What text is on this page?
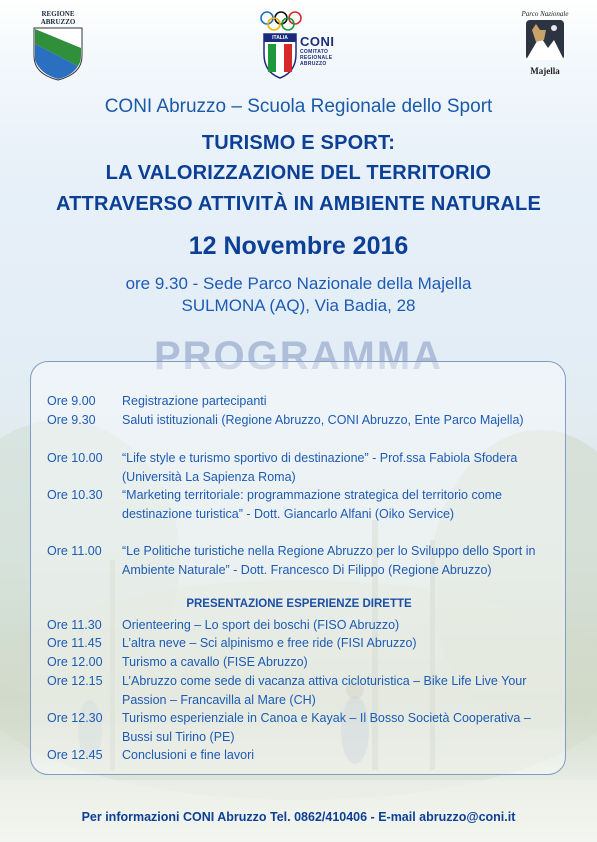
REGIONE
ABRUZZO
ITALIA CONI
COMITATO
REGIONALE
ABRUZZO
Parco Nazionale
Majella
CONI Abruzzo – Scuola Regionale dello Sport
TURISMO E SPORT:
LA VALORIZZAZIONE DEL TERRITORIO
ATTRAVERSO ATTIVITÀ IN AMBIENTE NATURALE
12 Novembre 2016
ore 9.30 - Sede Parco Nazionale della Majella
SULMONA (AQ), Via Badia, 28
PROGRAMMA
Ore 9.00	Registrazione partecipanti
Ore 9.30	Saluti istituzionali (Regione Abruzzo, CONI Abruzzo, Ente Parco Majella)
Ore 10.00	“Life style e turismo sportivo di destinazione” - Prof.ssa Fabiola Sfodera (Università La Sapienza Roma)
Ore 10.30	“Marketing territoriale: programmazione strategica del territorio come destinazione turistica” - Dott. Giancarlo Alfani (Oiko Service)
Ore 11.00	“Le Politiche turistiche nella Regione Abruzzo per lo Sviluppo dello Sport in Ambiente Naturale” - Dott. Francesco Di Filippo (Regione Abruzzo)
PRESENTAZIONE ESPERIENZE DIRETTE
Ore 11.30	Orienteering – Lo sport dei boschi (FISO Abruzzo)
Ore 11.45	L’altra neve – Sci alpinismo e free ride (FISI Abruzzo)
Ore 12.00	Turismo a cavallo (FISE Abruzzo)
Ore 12.15	L’Abruzzo come sede di vacanza attiva cicloturistica – Bike Life Live Your Passion – Francavilla al Mare (CH)
Ore 12.30	Turismo esperienziale in Canoa e Kayak – Il Bosso Società Cooperativa – Bussi sul Tirino (PE)
Ore 12.45	Conclusioni e fine lavori
Per informazioni CONI Abruzzo Tel. 0862/410406 - E-mail abruzzo@coni.it
